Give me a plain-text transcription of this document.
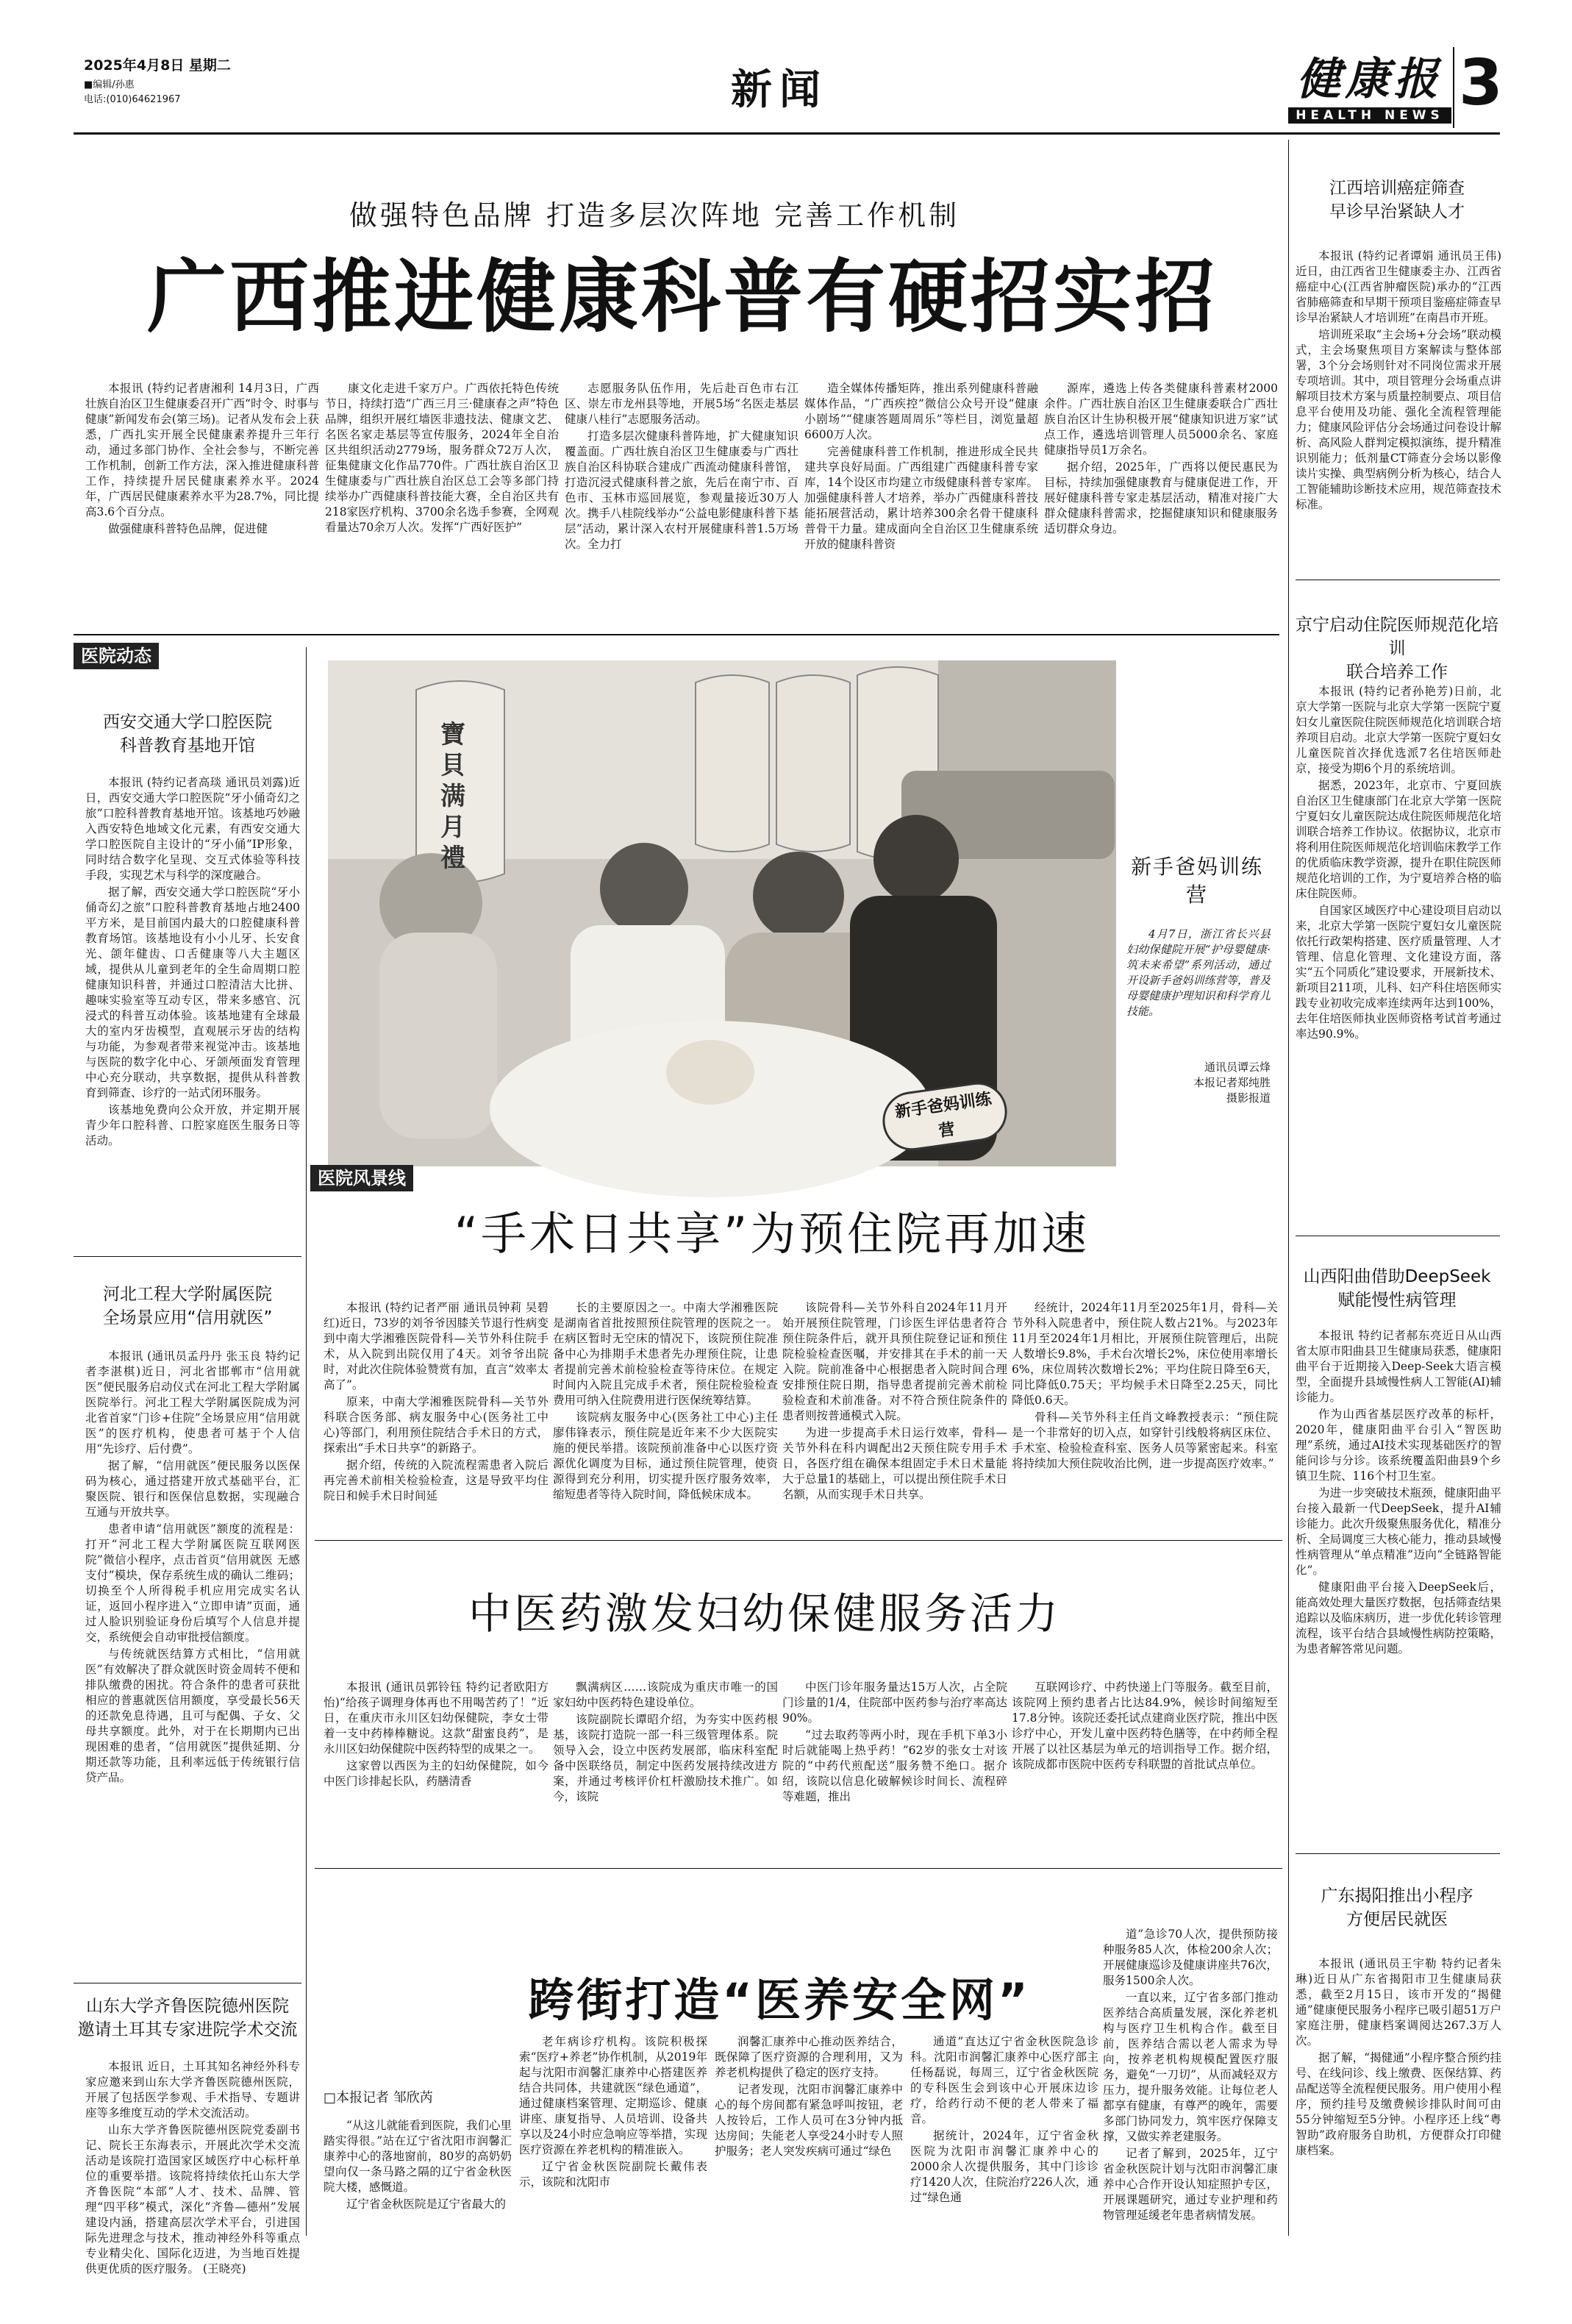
2025年4月8日 星期二
■编辑/孙惠
电话:(010)64621967	新闻	健康报
HEALTH NEWS 3
做强特色品牌 打造多层次阵地 完善工作机制
广西推进健康科普有硬招实招

本报讯 (特约记者唐湘利 14月3日，广西壮族自治区卫生健康委召开广西“时令、时事与健康”新闻发布会(第三场)。记者从发布会上获悉，广西扎实开展全民健康素养提升三年行动，通过多部门协作、全社会参与，不断完善工作机制，创新工作方法，深入推进健康科普工作，持续提升居民健康素养水平。2024年，广西居民健康素养水平为28.7%，同比提高3.6个百分点。

做强健康科普特色品牌，促进健

康文化走进千家万户。广西依托特色传统节日，持续打造“广西三月三·健康春之声”特色品牌，组织开展红墙医非遗技法、健康文艺、名医名家走基层等宣传服务，2024年全自治区共组织活动2779场，服务群众72万人次，征集健康文化作品770件。广西壮族自治区卫生健康委与广西壮族自治区总工会等多部门持续举办广西健康科普技能大赛，全自治区共有218家医疗机构、3700余名选手参赛，全网观看量达70余万人次。发挥“广西好医护”

志愿服务队伍作用，先后赴百色市右江区、崇左市龙州县等地，开展5场“名医走基层 健康八桂行”志愿服务活动。

打造多层次健康科普阵地，扩大健康知识覆盖面。广西壮族自治区卫生健康委与广西壮族自治区科协联合建成广西流动健康科普馆，打造沉浸式健康科普之旅，先后在南宁市、百色市、玉林市巡回展览，参观量接近30万人次。携手八桂院线举办“公益电影健康科普下基层”活动，累计深入农村开展健康科普1.5万场次。全力打

造全媒体传播矩阵，推出系列健康科普融媒体作品，“广西疾控”微信公众号开设“健康小剧场”“健康答题周周乐”等栏目，浏览量超6600万人次。

完善健康科普工作机制，推进形成全民共建共享良好局面。广西组建广西健康科普专家库，14个设区市均建立市级健康科普专家库。加强健康科普人才培养，举办广西健康科普技能拓展营活动，累计培养300余名骨干健康科普骨干力量。建成面向全自治区卫生健康系统开放的健康科普资

源库，遴选上传各类健康科普素材2000余件。广西壮族自治区卫生健康委联合广西壮族自治区计生协积极开展“健康知识进万家”试点工作，遴选培训管理人员5000余名、家庭健康指导员1万余名。

据介绍，2025年，广西将以便民惠民为目标，持续加强健康教育与健康促进工作，开展好健康科普专家走基层活动，精准对接广大群众健康科普需求，挖掘健康知识和健康服务适切群众身边。

江西培训癌症筛查
早诊早治紧缺人才

本报讯 (特约记者谭娟 通讯员王伟)近日，由江西省卫生健康委主办、江西省癌症中心(江西省肿瘤医院)承办的“江西省肺癌筛查和早期干预项目鉴癌症筛查早诊早治紧缺人才培训班”在南昌市开班。

培训班采取“主会场+分会场”联动模式，主会场聚焦项目方案解读与整体部署，3个分会场则针对不同岗位需求开展专项培训。其中，项目管理分会场重点讲解项目技术方案与质量控制要点、项目信息平台使用及功能、强化全流程管理能力；健康风险评估分会场通过问卷设计解析、高风险人群判定模拟演练，提升精准识别能力；低剂量CT筛查分会场以影像读片实操、典型病例分析为核心，结合人工智能辅助诊断技术应用，规范筛查技术标准。

京宁启动住院医师规范化培训
联合培养工作

本报讯 (特约记者孙艳芳)日前，北京大学第一医院与北京大学第一医院宁夏妇女儿童医院住院医师规范化培训联合培养项目启动。北京大学第一医院宁夏妇女儿童医院首次择优选派7名住培医师赴京，接受为期6个月的系统培训。

据悉，2023年，北京市、宁夏回族自治区卫生健康部门在北京大学第一医院宁夏妇女儿童医院达成住院医师规范化培训联合培养工作协议。依据协议，北京市将利用住院医师规范化培训临床教学工作的优质临床教学资源，提升在职住院医师规范化培训的工作，为宁夏培养合格的临床住院医师。

自国家区域医疗中心建设项目启动以来，北京大学第一医院宁夏妇女儿童医院依托行政架构搭建、医疗质量管理、人才管理、信息化管理、文化建设方面，落实“五个同质化”建设要求，开展新技术、新项目211项，儿科、妇产科住培医师实践专业初收完成率连续两年达到100%，去年住培医师执业医师资格考试首考通过率达90.9%。

山西阳曲借助DeepSeek
赋能慢性病管理

本报讯 特约记者郝东亮近日从山西省太原市阳曲县卫生健康局获悉，健康阳曲平台于近期接入Deep-Seek大语言模型，全面提升县域慢性病人工智能(AI)辅诊能力。

作为山西省基层医疗改革的标杆，2020年，健康阳曲平台引入“智医助理”系统，通过AI技术实现基础医疗的智能问诊与分诊。该系统覆盖阳曲县9个乡镇卫生院、116个村卫生室。

为进一步突破技术瓶颈，健康阳曲平台接入最新一代DeepSeek，提升AI辅诊能力。此次升级聚焦服务优化，精准分析、全局调度三大核心能力，推动县域慢性病管理从“单点精准”迈向“全链路智能化”。

健康阳曲平台接入DeepSeek后，能高效处理大量医疗数据，包括筛查结果追踪以及临床病历，进一步优化转诊管理流程，该平台结合县域慢性病防控策略，为患者解答常见问题。

广东揭阳推出小程序
方便居民就医

本报讯 (通讯员王宇勒 特约记者朱琳)近日从广东省揭阳市卫生健康局获悉，截至2月15日，该市开发的“揭健通”健康便民服务小程序已吸引超51万户家庭注册，健康档案调阅达267.3万人次。

据了解，“揭健通”小程序整合预约挂号、在线问诊、线上缴费、医保结算、药品配送等全流程便民服务。用户使用小程序，预约挂号及缴费候诊排队时间可由55分钟缩短至5分钟。小程序还上线“粤智助”政府服务自助机，方便群众打印健康档案。

医院动态
西安交通大学口腔医院
科普教育基地开馆

本报讯 (特约记者高琰 通讯员刘露)近日，西安交通大学口腔医院“牙小俑奇幻之旅”口腔科普教育基地开馆。该基地巧妙融入西安特色地域文化元素，有西安交通大学口腔医院自主设计的“牙小俑”IP形象，同时结合数字化呈现、交互式体验等科技手段，实现艺术与科学的深度融合。

据了解，西安交通大学口腔医院“牙小俑奇幻之旅”口腔科普教育基地占地2400平方米，是目前国内最大的口腔健康科普教育场馆。该基地设有小小儿牙、长安食光、颌年健齿、口舌健康等八大主题区域，提供从儿童到老年的全生命周期口腔健康知识科普，并通过口腔清洁大比拼、趣味实验室等互动专区，带来多感官、沉浸式的科普互动体验。该基地建有全球最大的室内牙齿模型，直观展示牙齿的结构与功能，为参观者带来视觉冲击。该基地与医院的数字化中心、牙颌颅面发育管理中心充分联动，共享数据，提供从科普教育到筛查、诊疗的一站式闭环服务。

该基地免费向公众开放，并定期开展青少年口腔科普、口腔家庭医生服务日等活动。

河北工程大学附属医院
全场景应用“信用就医”

本报讯 (通讯员孟丹丹 张玉良 特约记者李湛棋)近日，河北省邯郸市“信用就医”便民服务启动仪式在河北工程大学附属医院举行。河北工程大学附属医院成为河北省首家“门诊+住院”全场景应用“信用就医”的医疗机构，使患者可基于个人信用“先诊疗、后付费”。

据了解，“信用就医”便民服务以医保码为核心，通过搭建开放式基础平台，汇聚医院、银行和医保信息数据，实现融合互通与开放共享。

患者申请“信用就医”额度的流程是：打开“河北工程大学附属医院互联网医院”微信小程序，点击首页“信用就医 无感支付”模块，保存系统生成的确认二维码；切换至个人所得税手机应用完成实名认证，返回小程序进入“立即申请”页面，通过人脸识别验证身份后填写个人信息并提交，系统便会自动审批授信额度。

与传统就医结算方式相比，“信用就医”有效解决了群众就医时资金周转不便和排队缴费的困扰。符合条件的患者可获批相应的普惠就医信用额度，享受最长56天的还款免息待遇，且可与配偶、子女、父母共享额度。此外，对于在长期期内已出现困难的患者，“信用就医”提供延期、分期还款等功能，且利率远低于传统银行信贷产品。

山东大学齐鲁医院德州医院
邀请土耳其专家进院学术交流

本报讯 近日，土耳其知名神经外科专家应邀来到山东大学齐鲁医院德州医院，开展了包括医学参观、手术指导、专题讲座等多维度互动的学术交流活动。

山东大学齐鲁医院德州医院党委副书记、院长王东海表示，开展此次学术交流活动是该院打造国家区域医疗中心标杆单位的重要举措。该院将持续依托山东大学齐鲁医院“本部”人才、技术、品牌、管理“四平移”模式，深化“齐鲁—德州”发展建设内涵，搭建高层次学术平台，引进国际先进理念与技术，推动神经外科等重点专业精尖化、国际化迈进，为当地百姓提供更优质的医疗服务。 (王晓亮)

寶貝满月禮
新手爸妈训练营
新手爸妈训练营

4月7日，浙江省长兴县妇幼保健院开展“护母婴健康·筑未来希望”系列活动，通过开设新手爸妈训练营等，普及母婴健康护理知识和科学育儿技能。

通讯员谭云烽
本报记者郑纯胜
摄影报道
医院风景线
“手术日共享”为预住院再加速

本报讯 (特约记者严丽 通讯员钟莉 吴碧红)近日，73岁的刘爷爷因膝关节退行性病变到中南大学湘雅医院骨科—关节外科住院手术，从入院到出院仅用了4天。刘爷爷出院时，对此次住院体验赞赏有加，直言“效率太高了”。

原来，中南大学湘雅医院骨科—关节外科联合医务部、病友服务中心(医务社工中心)等部门，利用预住院结合手术日的方式，探索出“手术日共享”的新路子。

据介绍，传统的入院流程需患者入院后再完善术前相关检验检查，这是导致平均住院日和候手术日时间延

长的主要原因之一。中南大学湘雅医院是湖南省首批按照预住院管理的医院之一。在病区暂时无空床的情况下，该院预住院准备中心为排期手术患者先办理预住院，让患者提前完善术前检验检查等待床位。在规定时间内入院且完成手术者，预住院检验检查费用可纳入住院费用进行医保统筹结算。

该院病友服务中心(医务社工中心)主任廖伟锋表示，预住院是近年来不少大医院实施的便民举措。该院预前准备中心以医疗资源优化调度为目标，通过预住院管理，使资源得到充分利用，切实提升医疗服务效率，缩短患者等待入院时间，降低候床成本。

该院骨科—关节外科自2024年11月开始开展预住院管理，门诊医生评估患者符合预住院条件后，就开具预住院登记证和预住院检验检查医嘱，并安排其在手术的前一天入院。院前准备中心根据患者入院时间合理安排预住院日期，指导患者提前完善术前检验检查和术前准备。对不符合预住院条件的患者则按普通模式入院。

为进一步提高手术日运行效率，骨科—关节外科在科内调配出2天预住院专用手术日，各医疗组在确保本组固定手术日术量能大于总量1的基础上，可以提出预住院手术日名额，从而实现手术日共享。

经统计，2024年11月至2025年1月，骨科—关节外科入院患者中，预住院人数占21%。与2023年11月至2024年1月相比，开展预住院管理后，出院人数增长9.8%，手术台次增长2%，床位使用率增长6%，床位周转次数增长2%；平均住院日降至6天，同比降低0.75天；平均候手术日降至2.25天，同比降低0.6天。

骨科—关节外科主任肖文峰教授表示：“预住院是一个非常好的切入点，如穿针引线般将病区床位、手术室、检验检查科室、医务人员等紧密起来。科室将持续加大预住院收治比例，进一步提高医疗效率。”

中医药激发妇幼保健服务活力

本报讯 (通讯员郭铃钰 特约记者欧阳方怡)“给孩子调理身体再也不用喝苦药了！”近日，在重庆市永川区妇幼保健院，李女士带着一支中药棒棒糖说。这款“甜蜜良药”，是永川区妇幼保健院中医药特型的成果之一。

这家曾以西医为主的妇幼保健院，如今中医门诊排起长队，药膳清香

飘满病区……该院成为重庆市唯一的国家妇幼中医药特色建设单位。

该院副院长谭昭介绍，为夯实中医药根基，该院打造院一部一科三级管理体系。院领导入会，设立中医药发展部，临床科室配备中医联络员，制定中医药发展持续改进方案，并通过考核评价杠杆激励技术推广。如今，该院

中医门诊年服务量达15万人次，占全院门诊量的1/4，住院部中医药参与治疗率高达90%。

“过去取药等两小时，现在手机下单3小时后就能喝上热乎药！”62岁的张女士对该院的“中药代煎配送”服务赞不绝口。据介绍，该院以信息化破解候诊时间长、流程碎等难题，推出

互联网诊疗、中药快递上门等服务。截至目前，该院网上预约患者占比达84.9%，候诊时间缩短至17.8分钟。该院还委托试点建商业医疗院，推出中医诊疗中心，开发儿童中医药特色膳等，在中药师全程开展了以社区基层为单元的培训指导工作。据介绍，该院成都市医院中医药专科联盟的首批试点单位。

跨街打造“医养安全网”
□本报记者 邹欣芮

“从这儿就能看到医院，我们心里踏实得很。”站在辽宁省沈阳市润馨汇康养中心的落地窗前，80岁的高奶奶望向仅一条马路之隔的辽宁省金秋医院大楼，感慨道。

辽宁省金秋医院是辽宁省最大的

老年病诊疗机构。该院积极探索“医疗+养老”协作机制，从2019年起与沈阳市润馨汇康养中心搭建医养结合共同体，共建就医“绿色通道”，通过健康档案管理、定期巡诊、健康讲座、康复指导、人员培训、设备共享以及24小时应急响应等举措，实现医疗资源在养老机构的精准嵌入。

辽宁省金秋医院副院长戴伟表示，该院和沈阳市

润馨汇康养中心推动医养结合，既保障了医疗资源的合理利用，又为养老机构提供了稳定的医疗支持。

记者发现，沈阳市润馨汇康养中心的每个房间都有紧急呼叫按钮，老人按铃后，工作人员可在3分钟内抵达房间；失能老人享受24小时专人照护服务；老人突发疾病可通过“绿色

通道”直达辽宁省金秋医院急诊科。沈阳市润馨汇康养中心医疗部主任杨磊说，每周三，辽宁省金秋医院的专科医生会到该中心开展床边诊疗，给药行动不便的老人带来了福音。

据统计，2024年，辽宁省金秋医院为沈阳市润馨汇康养中心的2000余人次提供服务，其中门诊诊疗1420人次，住院治疗226人次，通过“绿色通

道”急诊70人次，提供预防接种服务85人次，体检200余人次；开展健康巡诊及健康讲座共76次，服务1500余人次。

一直以来，辽宁省多部门推动医养结合高质量发展，深化养老机构与医疗卫生机构合作。截至目前，医养结合需以老人需求为导向，按养老机构规模配置医疗服务，避免“一刀切”，从而减轻双方压力，提升服务效能。让每位老人都享有健康，有尊严的晚年，需要多部门协同发力，筑牢医疗保障支撑，又做实养老建服务。

记者了解到，2025年，辽宁省金秋医院计划与沈阳市润馨汇康养中心合作开设认知症照护专区，开展课题研究，通过专业护理和药物管理延缓老年患者病情发展。
